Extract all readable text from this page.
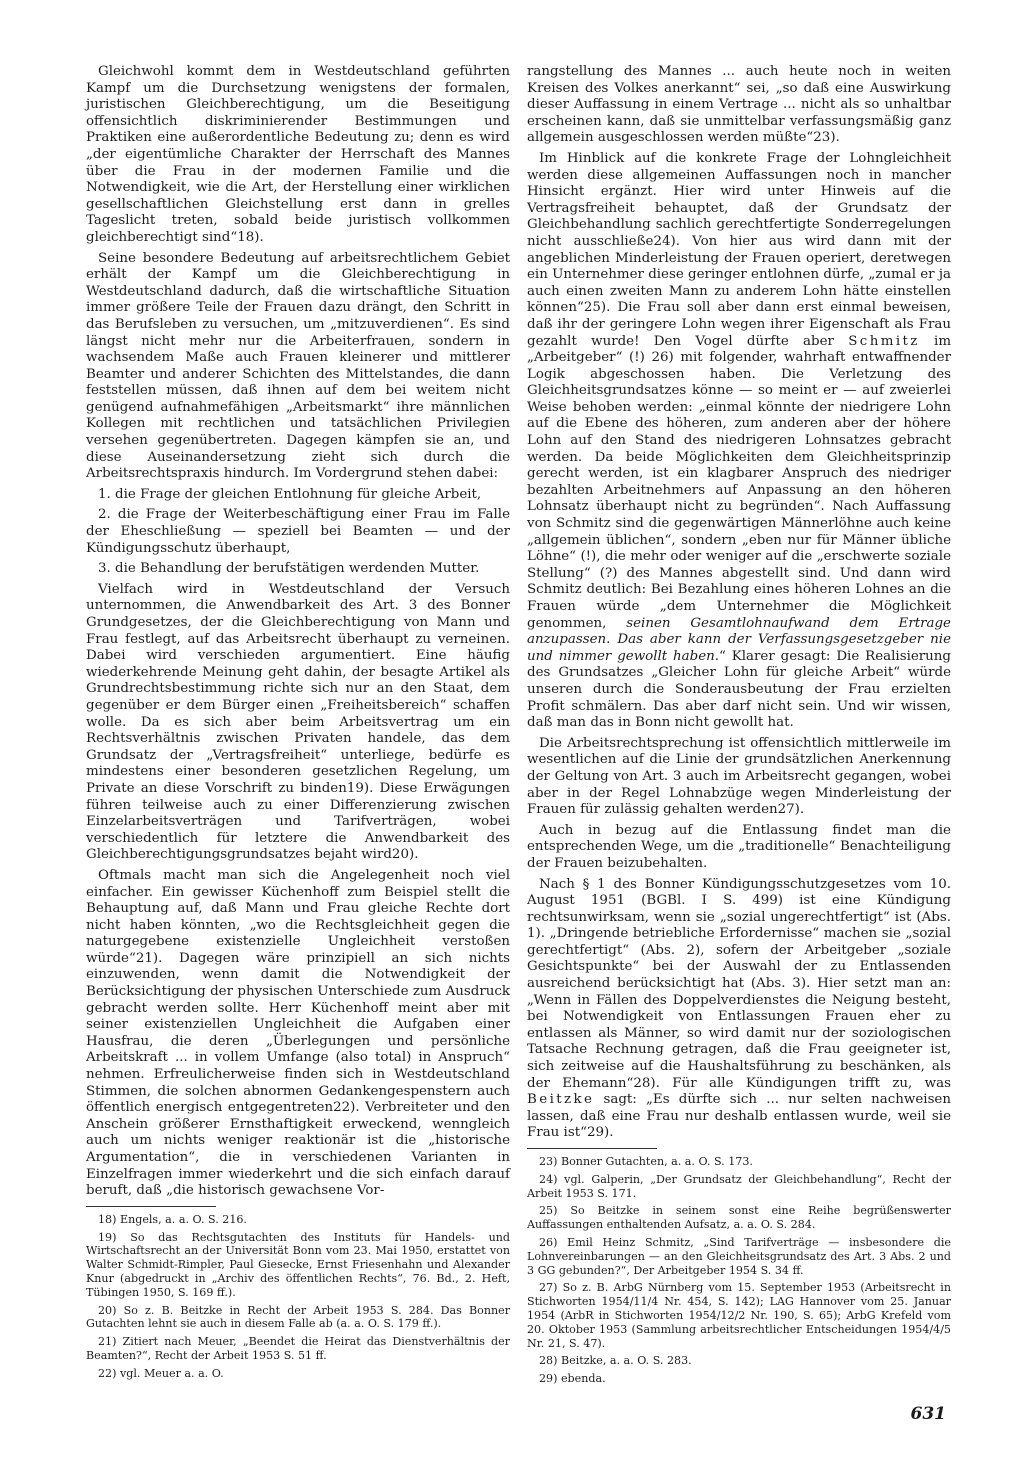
Gleichwohl kommt dem in Westdeutschland geführten Kampf um die Durchsetzung wenigstens der formalen, juristischen Gleichberechtigung, um die Beseitigung offensichtlich diskriminierender Bestimmungen und Praktiken eine außerordentliche Bedeutung zu; denn es wird „der eigentümliche Charakter der Herrschaft des Mannes über die Frau in der modernen Familie und die Notwendigkeit, wie die Art, der Herstellung einer wirklichen gesellschaftlichen Gleichstellung erst dann in grelles Tageslicht treten, sobald beide juristisch vollkommen gleichberechtigt sind“18).

Seine besondere Bedeutung auf arbeitsrechtlichem Gebiet erhält der Kampf um die Gleichberechtigung in Westdeutschland dadurch, daß die wirtschaftliche Situation immer größere Teile der Frauen dazu drängt, den Schritt in das Berufsleben zu versuchen, um „mitzuverdienen“. Es sind längst nicht mehr nur die Arbeiterfrauen, sondern in wachsendem Maße auch Frauen kleinerer und mittlerer Beamter und anderer Schichten des Mittelstandes, die dann feststellen müssen, daß ihnen auf dem bei weitem nicht genügend aufnahmefähigen „Arbeitsmarkt“ ihre männlichen Kollegen mit rechtlichen und tatsächlichen Privilegien versehen gegenübertreten. Dagegen kämpfen sie an, und diese Auseinandersetzung zieht sich durch die Arbeitsrechtspraxis hindurch. Im Vordergrund stehen dabei:

1. die Frage der gleichen Entlohnung für gleiche Arbeit,

2. die Frage der Weiterbeschäftigung einer Frau im Falle der Eheschließung — speziell bei Beamten — und der Kündigungsschutz überhaupt,

3. die Behandlung der berufstätigen werdenden Mutter.

Vielfach wird in Westdeutschland der Versuch unternommen, die Anwendbarkeit des Art. 3 des Bonner Grundgesetzes, der die Gleichberechtigung von Mann und Frau festlegt, auf das Arbeitsrecht überhaupt zu verneinen. Dabei wird verschieden argumentiert. Eine häufig wiederkehrende Meinung geht dahin, der besagte Artikel als Grundrechtsbestimmung richte sich nur an den Staat, dem gegenüber er dem Bürger einen „Freiheitsbereich“ schaffen wolle. Da es sich aber beim Arbeitsvertrag um ein Rechtsverhältnis zwischen Privaten handele, das dem Grundsatz der „Vertragsfreiheit“ unterliege, bedürfe es mindestens einer besonderen gesetzlichen Regelung, um Private an diese Vorschrift zu binden19). Diese Erwägungen führen teilweise auch zu einer Differenzierung zwischen Einzelarbeitsverträgen und Tarifverträgen, wobei verschiedentlich für letztere die Anwendbarkeit des Gleichberechtigungsgrundsatzes bejaht wird20).

Oftmals macht man sich die Angelegenheit noch viel einfacher. Ein gewisser Küchenhoff zum Beispiel stellt die Behauptung auf, daß Mann und Frau gleiche Rechte dort nicht haben könnten, „wo die Rechtsgleichheit gegen die naturgegebene existenzielle Ungleichheit verstoßen würde“21). Dagegen wäre prinzipiell an sich nichts einzuwenden, wenn damit die Notwendigkeit der Berücksichtigung der physischen Unterschiede zum Ausdruck gebracht werden sollte. Herr Küchenhoff meint aber mit seiner existenziellen Ungleichheit die Aufgaben einer Hausfrau, die deren „Überlegungen und persönliche Arbeitskraft ... in vollem Umfange (also total) in Anspruch“ nehmen. Erfreulicherweise finden sich in Westdeutschland Stimmen, die solchen abnormen Gedankengespenstern auch öffentlich energisch entgegentreten22). Verbreiteter und den Anschein größerer Ernsthaftigkeit erweckend, wenngleich auch um nichts weniger reaktionär ist die „historische Argumentation“, die in verschiedenen Varianten in Einzelfragen immer wiederkehrt und die sich einfach darauf beruft, daß „die historisch gewachsene Vor-

18) Engels, a. a. O. S. 216.

19) So das Rechtsgutachten des Instituts für Handels- und Wirtschaftsrecht an der Universität Bonn vom 23. Mai 1950, erstattet von Walter Schmidt-Rimpler, Paul Giesecke, Ernst Friesenhahn und Alexander Knur (abgedruckt in „Archiv des öffentlichen Rechts“, 76. Bd., 2. Heft, Tübingen 1950, S. 169 ff.).

20) So z. B. Beitzke in Recht der Arbeit 1953 S. 284. Das Bonner Gutachten lehnt sie auch in diesem Falle ab (a. a. O. S. 179 ff.).

21) Zitiert nach Meuer, „Beendet die Heirat das Dienstverhältnis der Beamten?“, Recht der Arbeit 1953 S. 51 ff.

22) vgl. Meuer a. a. O.

rangstellung des Mannes ... auch heute noch in weiten Kreisen des Volkes anerkannt“ sei, „so daß eine Auswirkung dieser Auffassung in einem Vertrage ... nicht als so unhaltbar erscheinen kann, daß sie unmittelbar verfassungsmäßig ganz allgemein ausgeschlossen werden müßte“23).

Im Hinblick auf die konkrete Frage der Lohngleichheit werden diese allgemeinen Auffassungen noch in mancher Hinsicht ergänzt. Hier wird unter Hinweis auf die Vertragsfreiheit behauptet, daß der Grundsatz der Gleichbehandlung sachlich gerechtfertigte Sonderregelungen nicht ausschließe24). Von hier aus wird dann mit der angeblichen Minderleistung der Frauen operiert, deretwegen ein Unternehmer diese geringer entlohnen dürfe, „zumal er ja auch einen zweiten Mann zu anderem Lohn hätte einstellen können“25). Die Frau soll aber dann erst einmal beweisen, daß ihr der geringere Lohn wegen ihrer Eigenschaft als Frau gezahlt wurde! Den Vogel dürfte aber Schmitz im „Arbeitgeber“ (!) 26) mit folgender, wahrhaft entwaffnender Logik abgeschossen haben. Die Verletzung des Gleichheitsgrundsatzes könne — so meint er — auf zweierlei Weise behoben werden: „einmal könnte der niedrigere Lohn auf die Ebene des höheren, zum anderen aber der höhere Lohn auf den Stand des niedrigeren Lohnsatzes gebracht werden. Da beide Möglichkeiten dem Gleichheitsprinzip gerecht werden, ist ein klagbarer Anspruch des niedriger bezahlten Arbeitnehmers auf Anpassung an den höheren Lohnsatz überhaupt nicht zu begründen“. Nach Auffassung von Schmitz sind die gegenwärtigen Männerlöhne auch keine „allgemein üblichen“, sondern „eben nur für Männer übliche Löhne“ (!), die mehr oder weniger auf die „erschwerte soziale Stellung“ (?) des Mannes abgestellt sind. Und dann wird Schmitz deutlich: Bei Bezahlung eines höheren Lohnes an die Frauen würde „dem Unternehmer die Möglichkeit genommen, seinen Gesamtlohnaufwand dem Ertrage anzupassen. Das aber kann der Verfassungsgesetzgeber nie und nimmer gewollt haben.“ Klarer gesagt: Die Realisierung des Grundsatzes „Gleicher Lohn für gleiche Arbeit“ würde unseren durch die Sonderausbeutung der Frau erzielten Profit schmälern. Das aber darf nicht sein. Und wir wissen, daß man das in Bonn nicht gewollt hat.

Die Arbeitsrechtsprechung ist offensichtlich mittlerweile im wesentlichen auf die Linie der grundsätzlichen Anerkennung der Geltung von Art. 3 auch im Arbeitsrecht gegangen, wobei aber in der Regel Lohnabzüge wegen Minderleistung der Frauen für zulässig gehalten werden27).

Auch in bezug auf die Entlassung findet man die entsprechenden Wege, um die „traditionelle“ Benachteiligung der Frauen beizubehalten.

Nach § 1 des Bonner Kündigungsschutzgesetzes vom 10. August 1951 (BGBl. I S. 499) ist eine Kündigung rechtsunwirksam, wenn sie „sozial ungerechtfertigt“ ist (Abs. 1). „Dringende betriebliche Erfordernisse“ machen sie „sozial gerechtfertigt“ (Abs. 2), sofern der Arbeitgeber „soziale Gesichtspunkte“ bei der Auswahl der zu Entlassenden ausreichend berücksichtigt hat (Abs. 3). Hier setzt man an: „Wenn in Fällen des Doppelverdienstes die Neigung besteht, bei Notwendigkeit von Entlassungen Frauen eher zu entlassen als Männer, so wird damit nur der soziologischen Tatsache Rechnung getragen, daß die Frau geeigneter ist, sich zeitweise auf die Haushaltsführung zu beschänken, als der Ehemann“28). Für alle Kündigungen trifft zu, was Beitzke sagt: „Es dürfte sich ... nur selten nachweisen lassen, daß eine Frau nur deshalb entlassen wurde, weil sie Frau ist“29).

23) Bonner Gutachten, a. a. O. S. 173.

24) vgl. Galperin, „Der Grundsatz der Gleichbehandlung“, Recht der Arbeit 1953 S. 171.

25) So Beitzke in seinem sonst eine Reihe begrüßenswerter Auffassungen enthaltenden Aufsatz, a. a. O. S. 284.

26) Emil Heinz Schmitz, „Sind Tarifverträge — insbesondere die Lohnvereinbarungen — an den Gleichheitsgrundsatz des Art. 3 Abs. 2 und 3 GG gebunden?“, Der Arbeitgeber 1954 S. 34 ff.

27) So z. B. ArbG Nürnberg vom 15. September 1953 (Arbeitsrecht in Stichworten 1954/11/4 Nr. 454, S. 142); LAG Hannover vom 25. Januar 1954 (ArbR in Stichworten 1954/12/2 Nr. 190, S. 65); ArbG Krefeld vom 20. Oktober 1953 (Sammlung arbeitsrechtlicher Entscheidungen 1954/4/5 Nr. 21, S. 47).

28) Beitzke, a. a. O. S. 283.

29) ebenda.

631
